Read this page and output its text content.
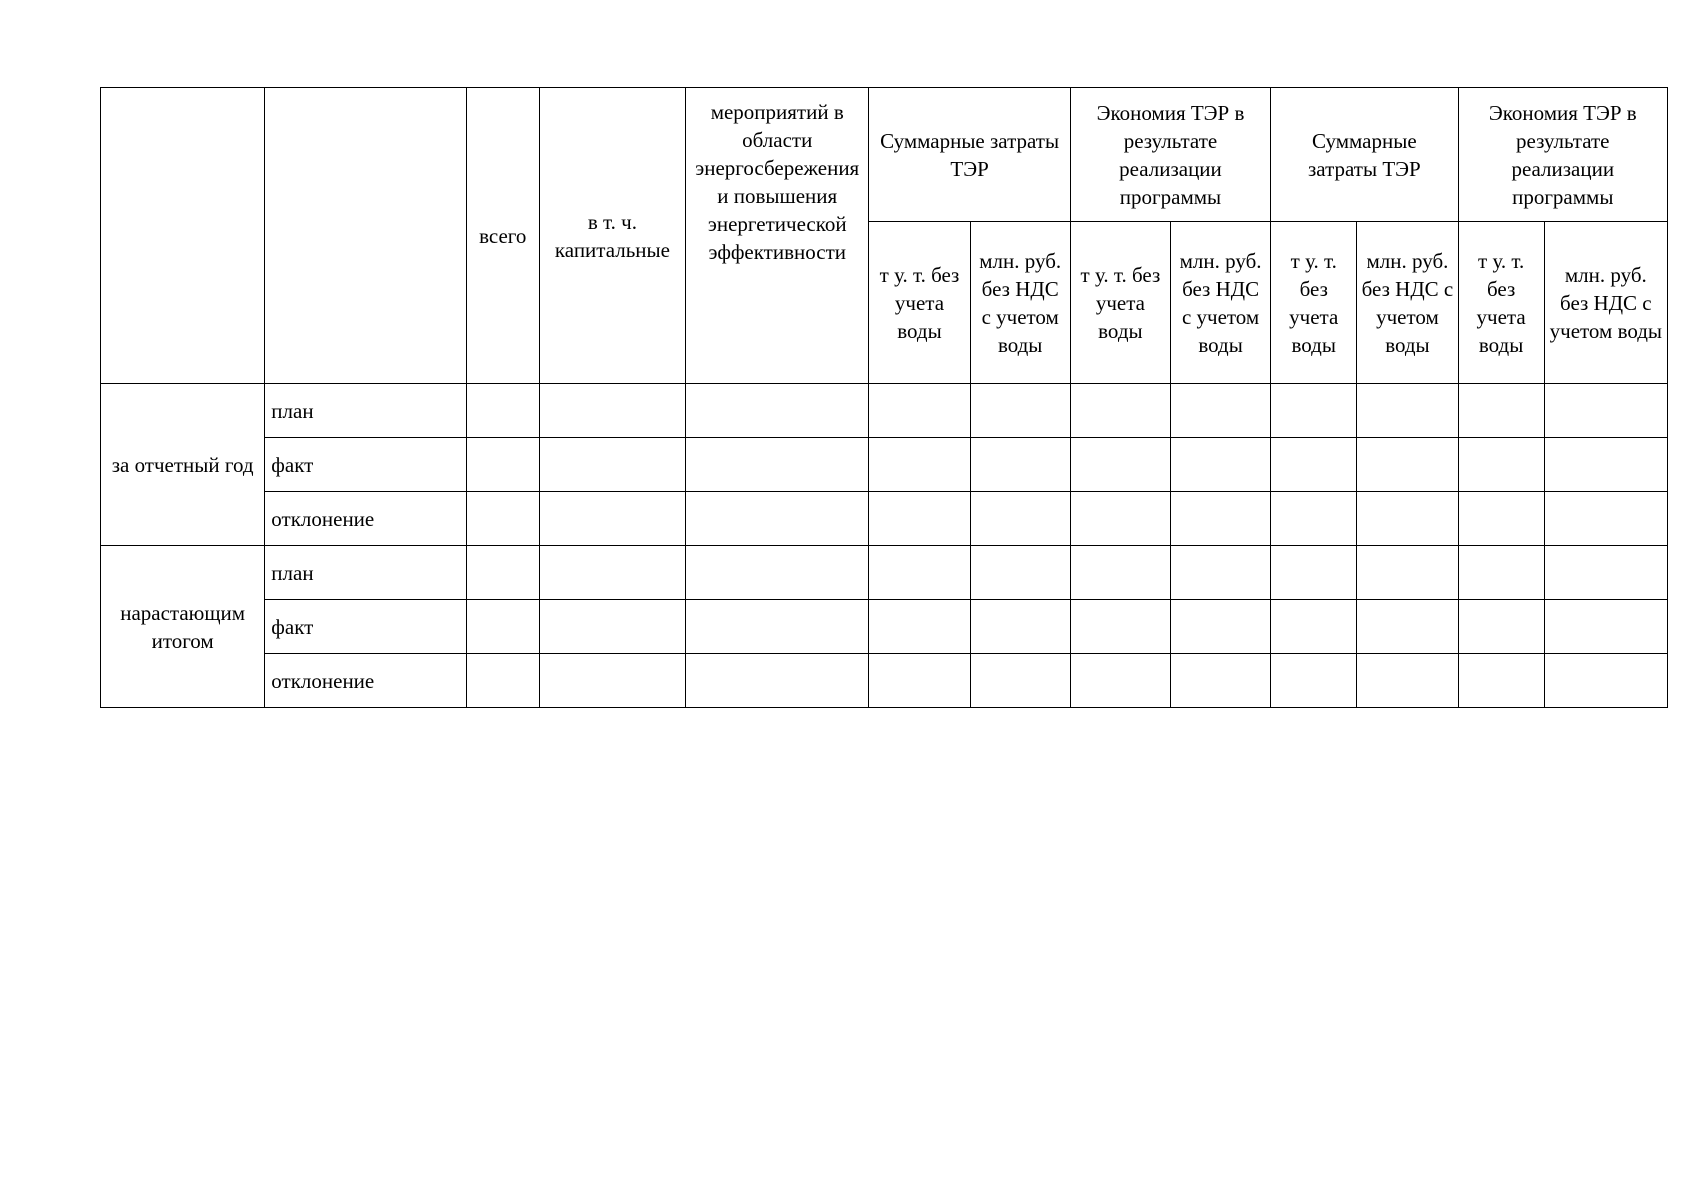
		всего	в т. ч. капитальные	мероприятий в области энергосбережения и повышения энергетической эффективности	Суммарные затраты ТЭР		Экономия ТЭР в результате реализации программы		Суммарные затраты ТЭР		Экономия ТЭР в результате реализации программы	
					т у. т. без учета воды	млн. руб. без НДС с учетом воды	т у. т. без учета воды	млн. руб. без НДС с учетом воды	т у. т. без учета воды	млн. руб. без НДС с учетом воды	т у. т. без учета воды	млн. руб. без НДС с учетом воды
за отчетный год	план											
	факт											
	отклонение											
нарастающим итогом	план											
	факт											
	отклонение											
